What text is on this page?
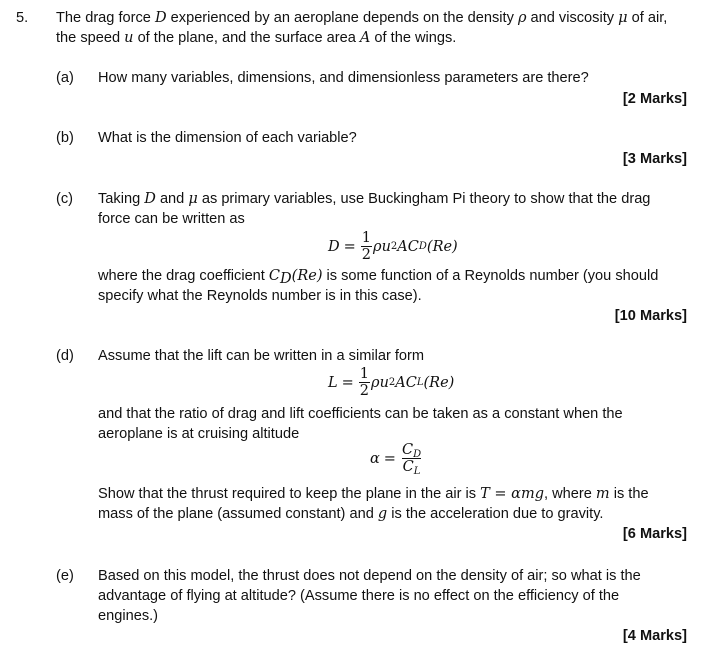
5. The drag force D experienced by an aeroplane depends on the density ρ and viscosity μ of air,
the speed u of the plane, and the surface area A of the wings.
(a) How many variables, dimensions, and dimensionless parameters are there?
[2 Marks]
(b) What is the dimension of each variable?
[3 Marks]
(c) Taking D and μ as primary variables, use Buckingham Pi theory to show that the drag
force can be written as
$D = \frac{1}{2}$ ρ u 2 A C D (Re)
where the drag coefficient $C_D(Re)$ is some function of a Reynolds number (you should
specify what the Reynolds number is in this case).
[10 Marks]
(d) Assume that the lift can be written in a similar form
$L = \frac{1}{2}$ ρ u 2 A C L (Re)
and that the ratio of drag and lift coefficients can be taken as a constant when the
aeroplane is at cruising altitude
$\alpha = \frac{C_D}{C_L}$
Show that the thrust required to keep the plane in the air is T = αmg, where m is the
mass of the plane (assumed constant) and g is the acceleration due to gravity.
[6 Marks]
(e) Based on this model, the thrust does not depend on the density of air; so what is the
advantage of flying at altitude? (Assume there is no effect on the efficiency of the
engines.)
[4 Marks]
